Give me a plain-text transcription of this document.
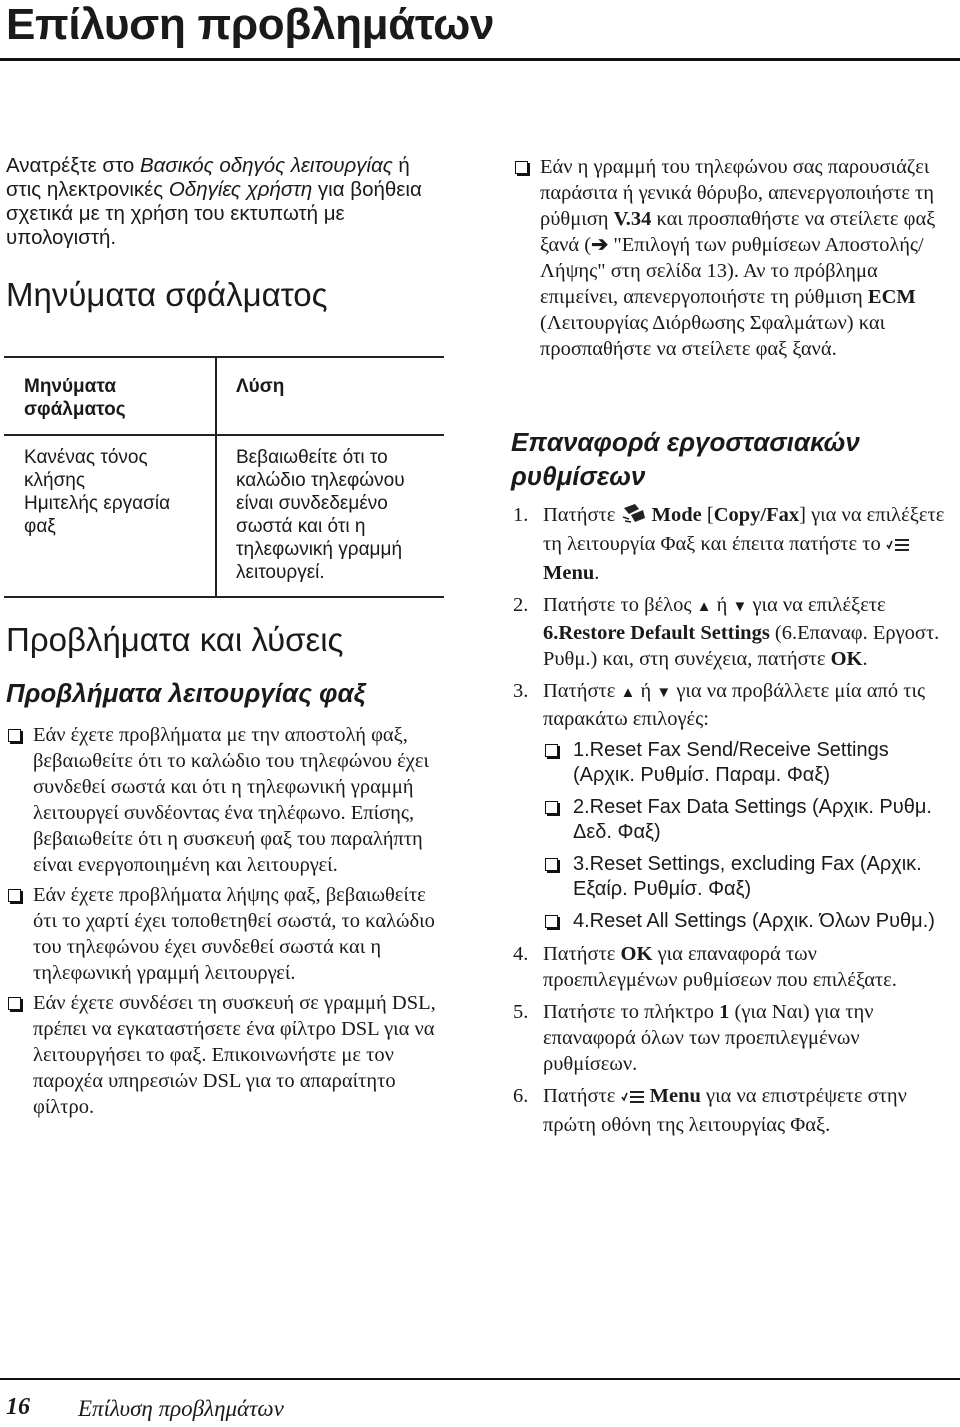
Επίλυση προβλημάτων

Ανατρέξτε στο Βασικός οδηγός λειτουργίας ή στις ηλεκτρονικές Οδηγίες χρήστη για βοήθεια σχετικά με τη χρήση του εκτυπωτή με υπολογιστή.

Μηνύματα σφάλματος
Μηνύματα σφάλματος
Λύση
Κανένας τόνος κλήσης
Ημιτελής εργασία φαξ
Βεβαιωθείτε ότι το καλώδιο τηλεφώνου είναι συνδεδεμένο σωστά και ότι η τηλεφωνική γραμμή λειτουργεί.
Προβλήματα και λύσεις
Προβλήματα λειτουργίας φαξ
Εάν έχετε προβλήματα με την αποστολή φαξ, βεβαιωθείτε ότι το καλώδιο του τηλεφώνου έχει συνδεθεί σωστά και ότι η τηλεφωνική γραμμή λειτουργεί συνδέοντας ένα τηλέφωνο. Επίσης, βεβαιωθείτε ότι η συσκευή φαξ του παραλήπτη είναι ενεργοποιημένη και λειτουργεί.
Εάν έχετε προβλήματα λήψης φαξ, βεβαιωθείτε ότι το χαρτί έχει τοποθετηθεί σωστά, το καλώδιο του τηλεφώνου έχει συνδεθεί σωστά και η τηλεφωνική γραμμή λειτουργεί.
Εάν έχετε συνδέσει τη συσκευή σε γραμμή DSL, πρέπει να εγκαταστήσετε ένα φίλτρο DSL για να λειτουργήσει το φαξ. Επικοινωνήστε με τον παροχέα υπηρεσιών DSL για το απαραίτητο φίλτρο.
Εάν η γραμμή του τηλεφώνου σας παρουσιάζει παράσιτα ή γενικά θόρυβο, απενεργοποιήστε τη ρύθμιση V.34 και προσπαθήστε να στείλετε φαξ ξανά (➔ "Επιλογή των ρυθμίσεων Αποστολής/Λήψης" στη σελίδα 13). Αν το πρόβλημα επιμείνει, απενεργοποιήστε τη ρύθμιση ECM (Λειτουργίας Διόρθωσης Σφαλμάτων) και προσπαθήστε να στείλετε φαξ ξανά.
Επαναφορά εργοστασιακών ρυθμίσεων
1. Πατήστε  Mode [Copy/Fax] για να επιλέξετε τη λειτουργία Φαξ και έπειτα πατήστε το  Menu.
2. Πατήστε το βέλος ▲ ή ▼ για να επιλέξετε 6.Restore Default Settings (6.Επαναφ. Εργοστ. Ρυθμ.) και, στη συνέχεια, πατήστε OK.
3. Πατήστε ▲ ή ▼ για να προβάλλετε μία από τις παρακάτω επιλογές:
1.Reset Fax Send/Receive Settings (Αρχικ. Ρυθμίσ. Παραμ. Φαξ)
2.Reset Fax Data Settings (Αρχικ. Ρυθμ. Δεδ. Φαξ)
3.Reset Settings, excluding Fax (Αρχικ. Εξαίρ. Ρυθμίσ. Φαξ)
4.Reset All Settings (Αρχικ. Όλων Ρυθμ.)
4. Πατήστε OK για επαναφορά των προεπιλεγμένων ρυθμίσεων που επιλέξατε.
5. Πατήστε το πλήκτρο 1 (για Ναι) για την επαναφορά όλων των προεπιλεγμένων ρυθμίσεων.
6. Πατήστε  Menu για να επιστρέψετε στην πρώτη οθόνη της λειτουργίας Φαξ.
16 Επίλυση προβλημάτων
